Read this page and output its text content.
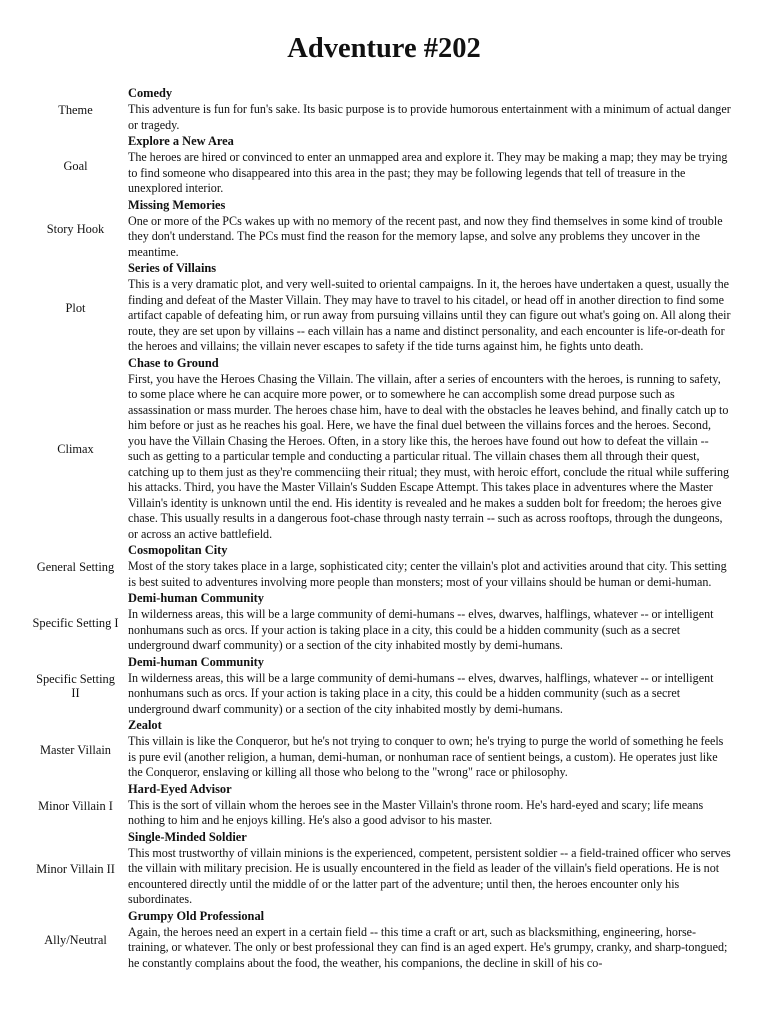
Adventure #202
Theme
Comedy
This adventure is fun for fun's sake. Its basic purpose is to provide humorous entertainment with a minimum of actual danger or tragedy.
Goal
Explore a New Area
The heroes are hired or convinced to enter an unmapped area and explore it. They may be making a map; they may be trying to find someone who disappeared into this area in the past; they may be following legends that tell of treasure in the unexplored interior.
Story Hook
Missing Memories
One or more of the PCs wakes up with no memory of the recent past, and now they find themselves in some kind of trouble they don't understand. The PCs must find the reason for the memory lapse, and solve any problems they uncover in the meantime.
Plot
Series of Villains
This is a very dramatic plot, and very well-suited to oriental campaigns. In it, the heroes have undertaken a quest, usually the finding and defeat of the Master Villain. They may have to travel to his citadel, or head off in another direction to find some artifact capable of defeating him, or run away from pursuing villains until they can figure out what's going on. All along their route, they are set upon by villains -- each villain has a name and distinct personality, and each encounter is life-or-death for the heroes and villains; the villain never escapes to safety if the tide turns against him, he fights unto death.
Climax
Chase to Ground
First, you have the Heroes Chasing the Villain. The villain, after a series of encounters with the heroes, is running to safety, to some place where he can acquire more power, or to somewhere he can accomplish some dread purpose such as assassination or mass murder. The heroes chase him, have to deal with the obstacles he leaves behind, and finally catch up to him before or just as he reaches his goal. Here, we have the final duel between the villains forces and the heroes. Second, you have the Villain Chasing the Heroes. Often, in a story like this, the heroes have found out how to defeat the villain -- such as getting to a particular temple and conducting a particular ritual. The villain chases them all through their quest, catching up to them just as they're commenciing their ritual; they must, with heroic effort, conclude the ritual while suffering his attacks. Third, you have the Master Villain's Sudden Escape Attempt. This takes place in adventures where the Master Villain's identity is unknown until the end. His identity is revealed and he makes a sudden bolt for freedom; the heroes give chase. This usually results in a dangerous foot-chase through nasty terrain -- such as across rooftops, through the dungeons, or across an active battlefield.
General Setting
Cosmopolitan City
Most of the story takes place in a large, sophisticated city; center the villain's plot and activities around that city. This setting is best suited to adventures involving more people than monsters; most of your villains should be human or demi-human.
Specific Setting I
Demi-human Community
In wilderness areas, this will be a large community of demi-humans -- elves, dwarves, halflings, whatever -- or intelligent nonhumans such as orcs. If your action is taking place in a city, this could be a hidden community (such as a secret underground dwarf community) or a section of the city inhabited mostly by demi-humans.
Specific Setting II
Demi-human Community
In wilderness areas, this will be a large community of demi-humans -- elves, dwarves, halflings, whatever -- or intelligent nonhumans such as orcs. If your action is taking place in a city, this could be a hidden community (such as a secret underground dwarf community) or a section of the city inhabited mostly by demi-humans.
Master Villain
Zealot
This villain is like the Conqueror, but he's not trying to conquer to own; he's trying to purge the world of something he feels is pure evil (another religion, a human, demi-human, or nonhuman race of sentient beings, a custom). He operates just like the Conqueror, enslaving or killing all those who belong to the "wrong" race or philosophy.
Minor Villain I
Hard-Eyed Advisor
This is the sort of villain whom the heroes see in the Master Villain's throne room. He's hard-eyed and scary; life means nothing to him and he enjoys killing. He's also a good advisor to his master.
Minor Villain II
Single-Minded Soldier
This most trustworthy of villain minions is the experienced, competent, persistent soldier -- a field-trained officer who serves the villain with military precision. He is usually encountered in the field as leader of the villain's field operations. He is not encountered directly until the middle of or the latter part of the adventure; until then, the heroes encounter only his subordinates.
Ally/Neutral
Grumpy Old Professional
Again, the heroes need an expert in a certain field -- this time a craft or art, such as blacksmithing, engineering, horse-training, or whatever. The only or best professional they can find is an aged expert. He's grumpy, cranky, and sharp-tongued; he constantly complains about the food, the weather, his companions, the decline in skill of his co-
